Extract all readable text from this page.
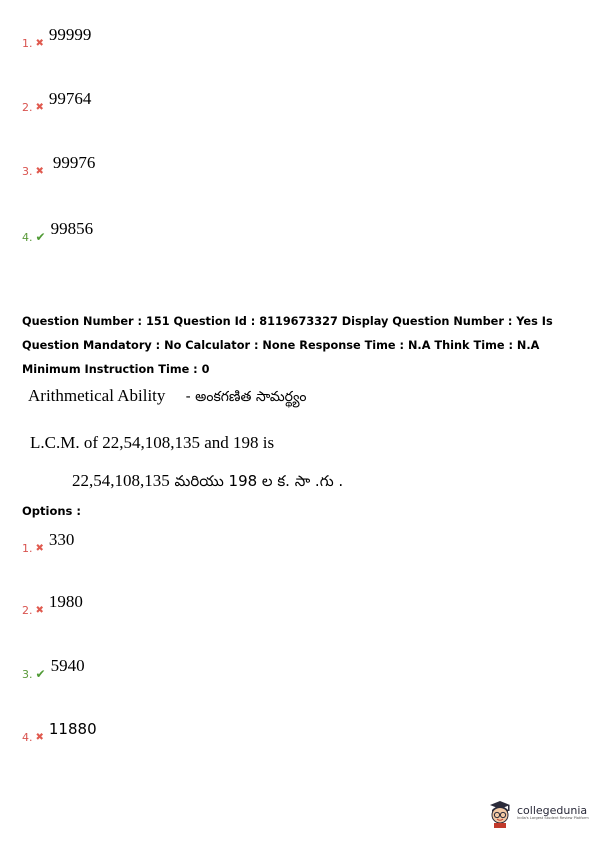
1. ✖ 99999
2. ✖ 99764
3. ✖ 99976
4. ✔ 99856
Question Number : 151 Question Id : 8119673327 Display Question Number : Yes Is Question Mandatory : No Calculator : None Response Time : N.A Think Time : N.A Minimum Instruction Time : 0
Arithmetical Ability - అంకగణిత సామర్థ్యం
L.C.M. of 22,54,108,135 and 198 is
22,54,108,135 మరియు 198 ల క. సా .గు .
Options :
1. ✖ 330
2. ✖ 1980
3. ✔ 5940
4. ✖ 11880
collegedunia
India's Largest Student Review Platform
